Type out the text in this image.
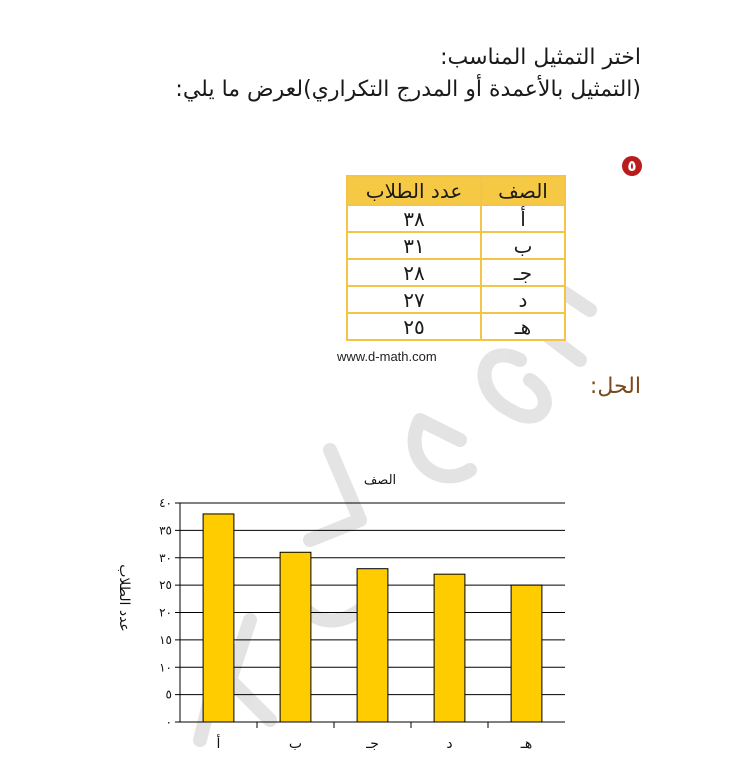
اختر التمثيل المناسب:
(التمثيل بالأعمدة أو المدرج التكراري)لعرض ما يلي:
٥
الصف	عدد الطلاب
أ	٣٨
ب	٣١
جـ	٢٨
د	٢٧
هـ	٢٥
www.d-math.com
الحل:
الصف
عدد الطلاب
٠
٥
١٠
١٥
٢٠
٢٥
٣٠
٣٥
٤٠
أ	ب	جـ	د	هـ
